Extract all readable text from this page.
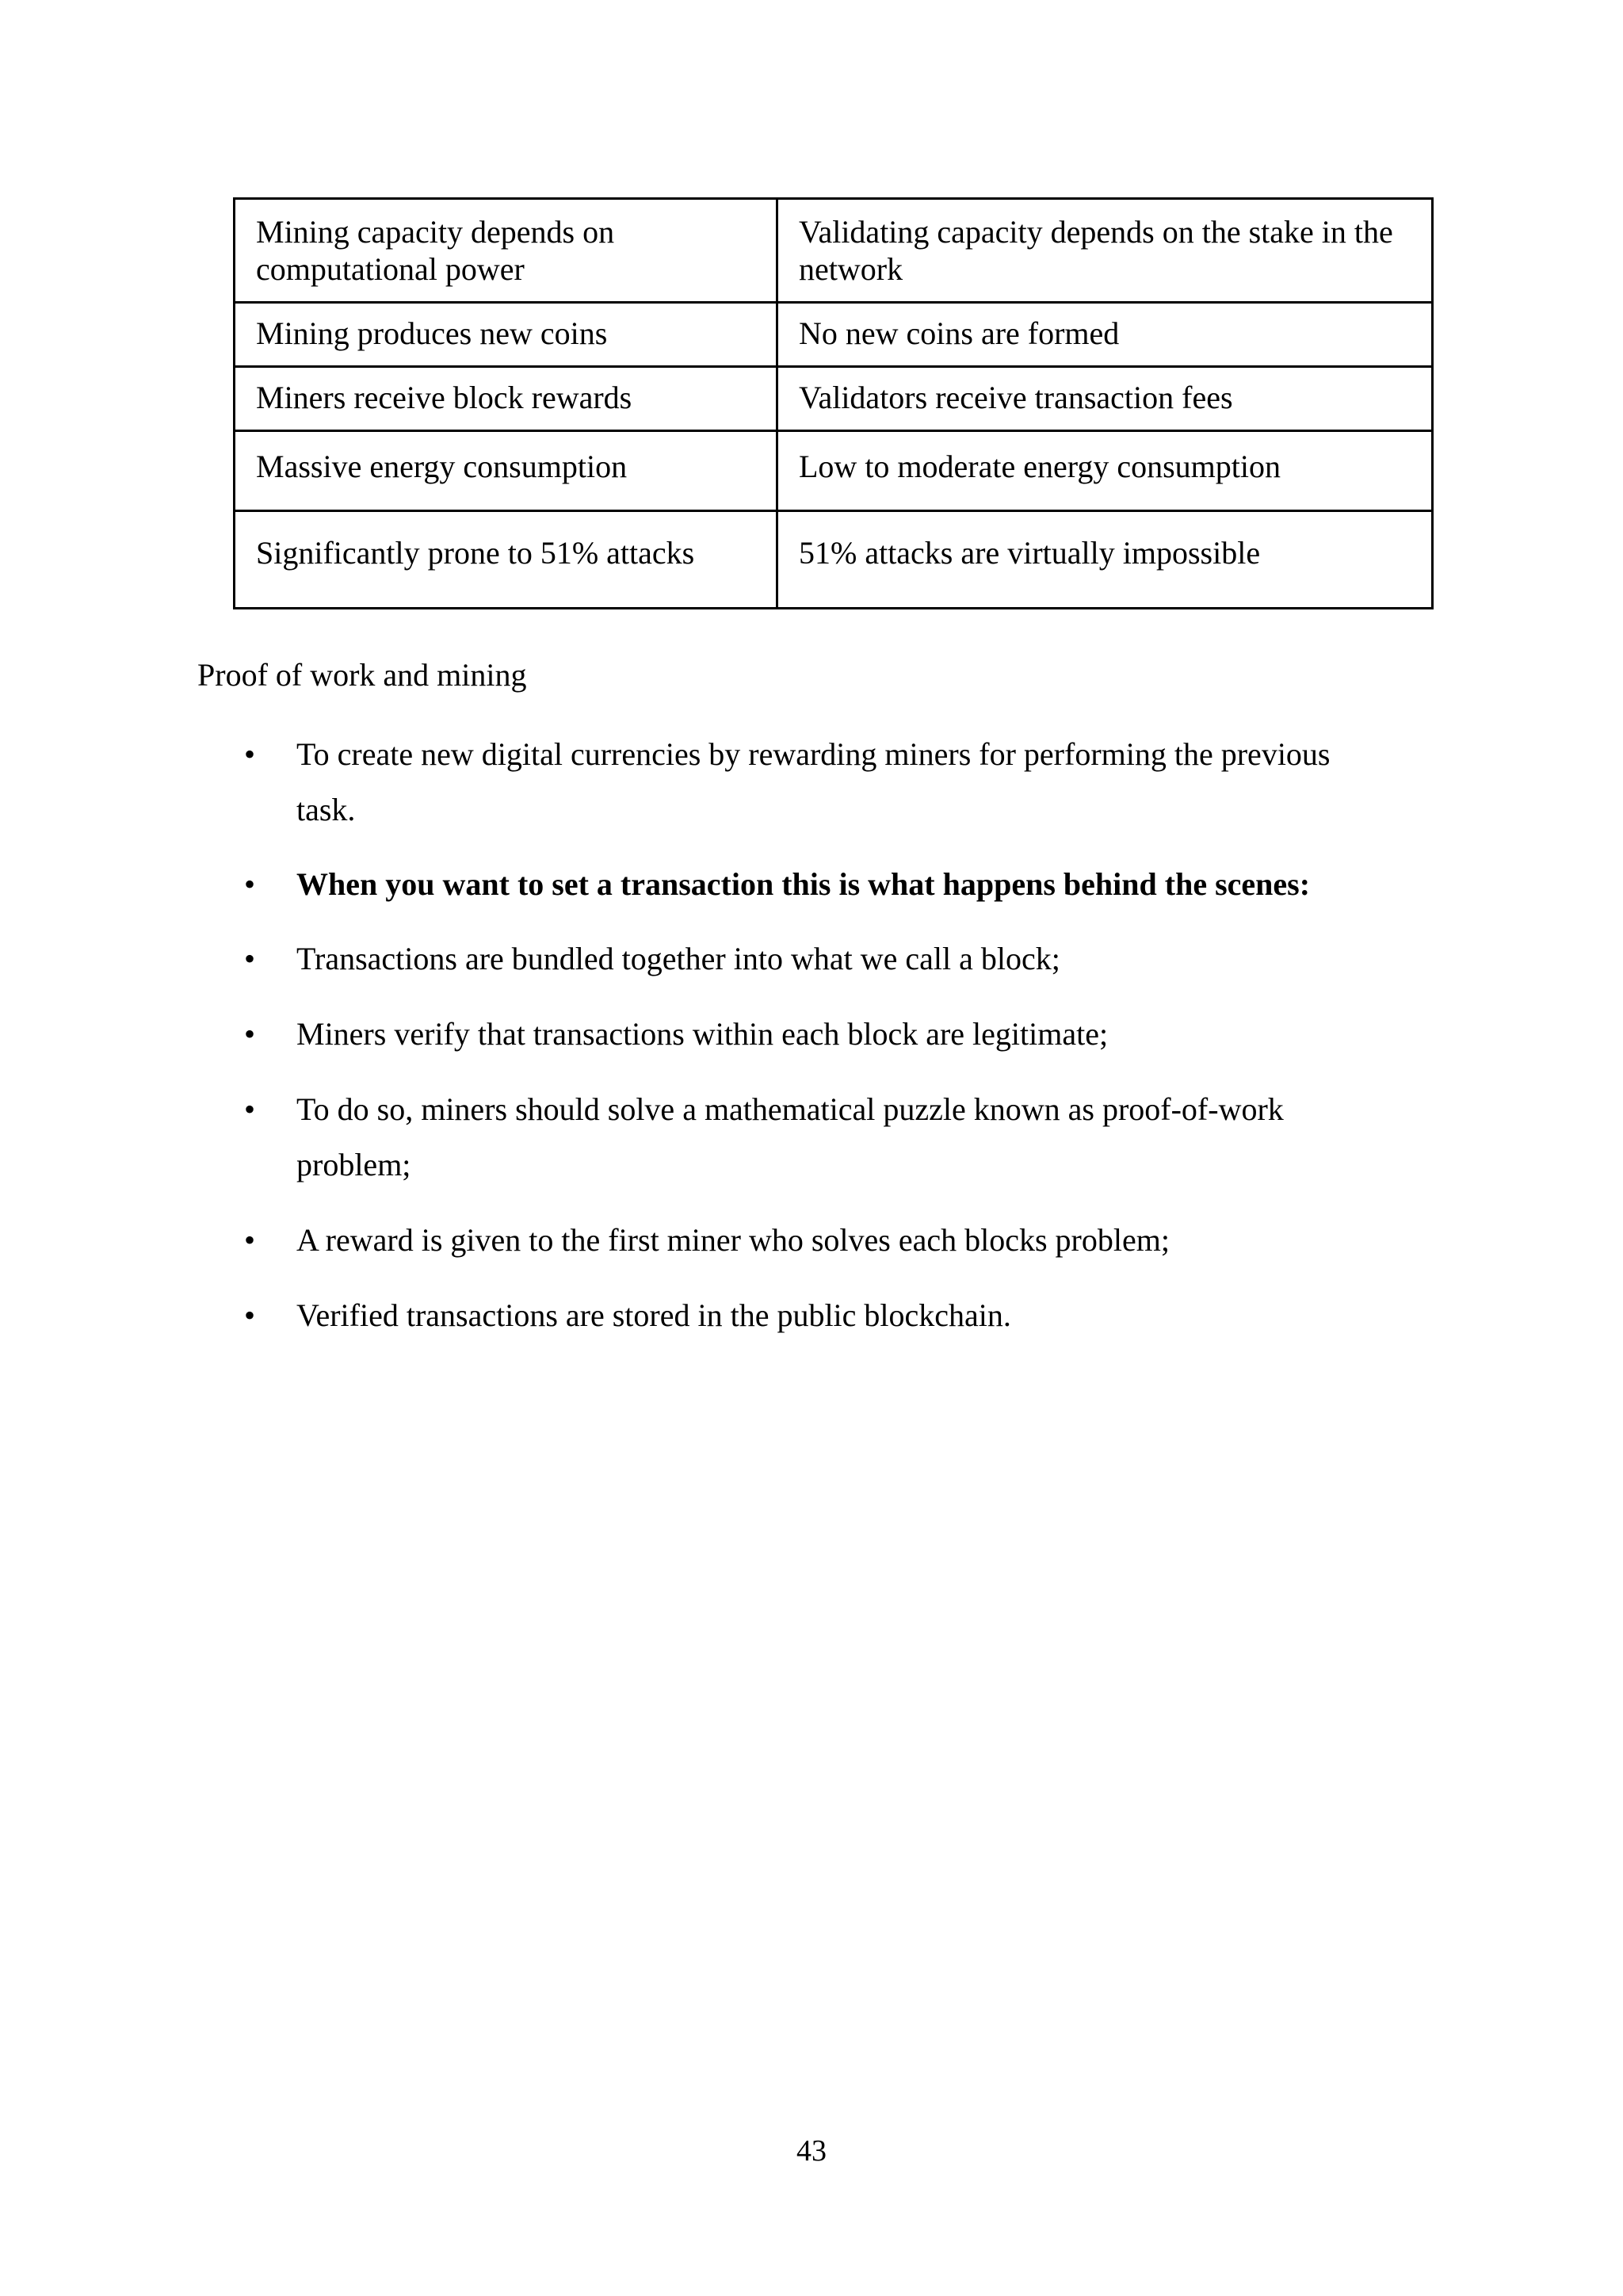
Mining capacity depends on computational power	Validating capacity depends on the stake in the network
Mining produces new coins	No new coins are formed
Miners receive block rewards	Validators receive transaction fees
Massive energy consumption	Low to moderate energy consumption
Significantly prone to 51% attacks	51% attacks are virtually impossible
Proof of work and mining
• To create new digital currencies by rewarding miners for performing the previous task.
• When you want to set a transaction this is what happens behind the scenes:
• Transactions are bundled together into what we call a block;
• Miners verify that transactions within each block are legitimate;
• To do so, miners should solve a mathematical puzzle known as proof-of-work problem;
• A reward is given to the first miner who solves each blocks problem;
• Verified transactions are stored in the public blockchain.
43
